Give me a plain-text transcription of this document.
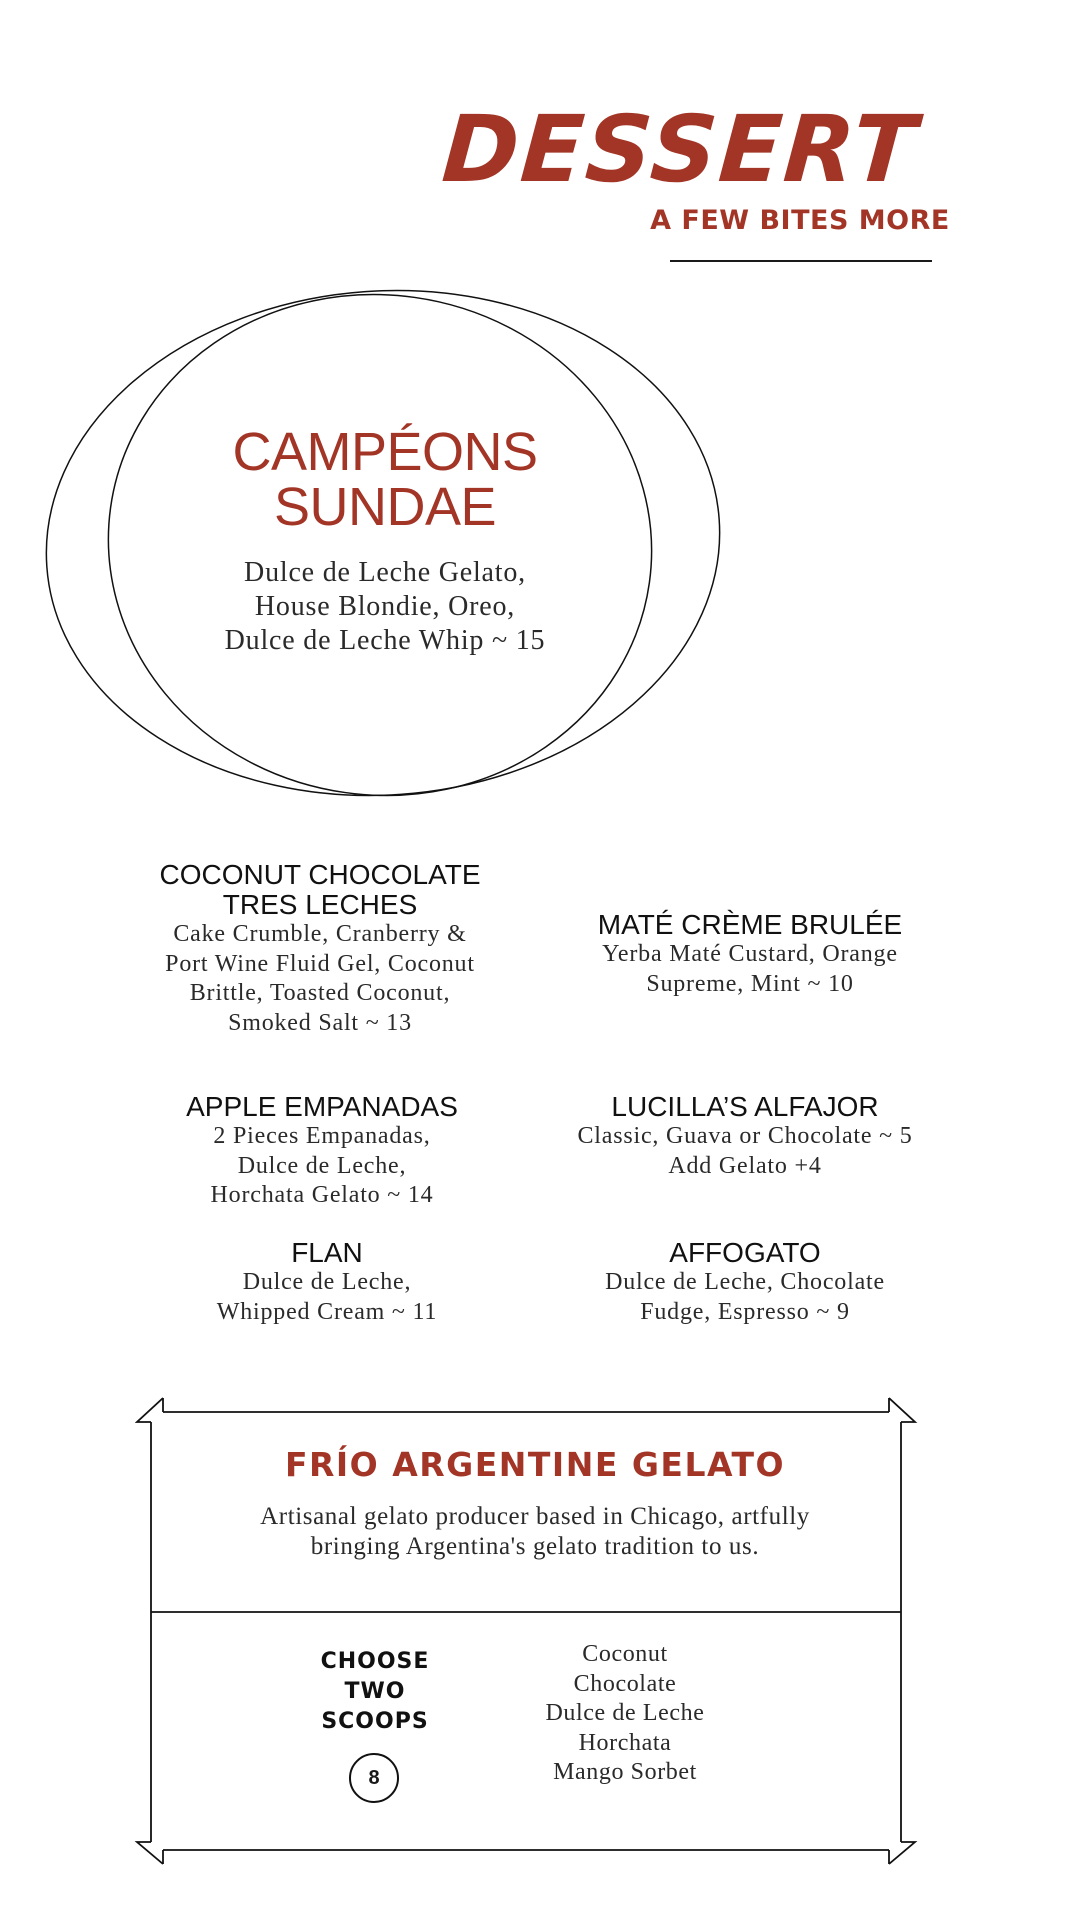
DESSERT
A FEW BITES MORE
CAMPÉONS
SUNDAE
Dulce de Leche Gelato,
House Blondie, Oreo,
Dulce de Leche Whip ~ 15
COCONUT CHOCOLATE
TRES LECHES
Cake Crumble, Cranberry &
Port Wine Fluid Gel, Coconut
Brittle, Toasted Coconut,
Smoked Salt ~ 13
MATÉ CRÈME BRULÉE
Yerba Maté Custard, Orange
Supreme, Mint ~ 10
APPLE EMPANADAS
2 Pieces Empanadas,
Dulce de Leche,
Horchata Gelato ~ 14
LUCILLA’S ALFAJOR
Classic, Guava or Chocolate ~ 5
Add Gelato +4
FLAN
Dulce de Leche,
Whipped Cream ~ 11
AFFOGATO
Dulce de Leche, Chocolate
Fudge, Espresso ~ 9
FRÍO ARGENTINE GELATO
Artisanal gelato producer based in Chicago, artfully
bringing Argentina's gelato tradition to us.
CHOOSE
TWO
SCOOPS
8
Coconut
Chocolate
Dulce de Leche
Horchata
Mango Sorbet
